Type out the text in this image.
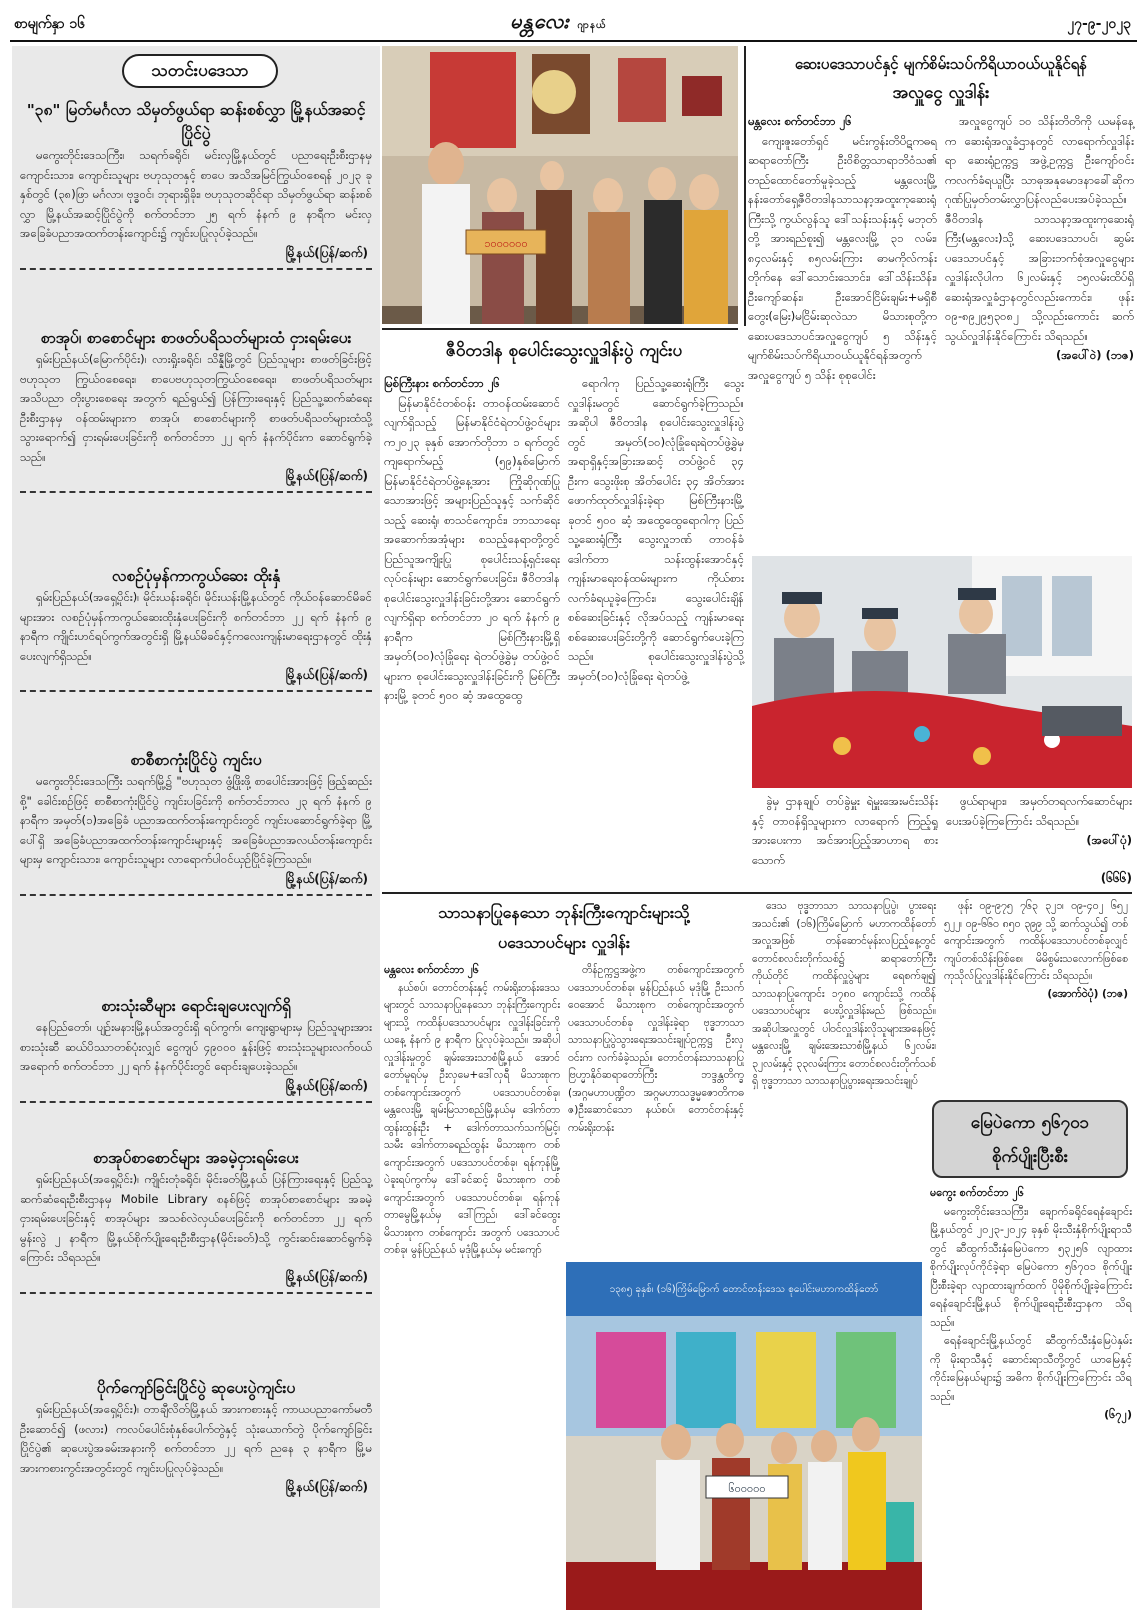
စာမျက်နှာ ၁၆	မန္တလေး ဂျာနယ်	၂၇-၉-၂၀၂၃
သတင်းပဒေသာ
"၃၈" မြတ်မင်္ဂလာ သိမှတ်ဖွယ်ရာ ဆန်းစစ်လွှာ မြို့နယ်အဆင့် ပြိုင်ပွဲ

မကွေးတိုင်းဒေသကြီး၊ သရက်ခရိုင်၊ မင်းလှမြို့နယ်တွင် ပညာရေးဦးစီးဌာနမှ ကျောင်းသား၊ ကျောင်းသူများ ဗဟုသုတနှင့် စာပေ အသိအမြင်ကြွယ်ဝစေရန် ၂၀၂၃ ခုနှစ်တွင် (၃၈)ဖြာ မင်္ဂလာ၊ ဗုဒ္ဓဝင်၊ ဘုရားရှိခိုး၊ ဗဟုသုတဆိုင်ရာ သိမှတ်ဖွယ်ရာ ဆန်းစစ်လွှာ မြို့နယ်အဆင့်ပြိုင်ပွဲကို စက်တင်ဘာ ၂၅ ရက် နံနက် ၉ နာရီက မင်းလှ အခြေခံပညာအထက်တန်းကျောင်း၌ ကျင်းပပြုလုပ်ခဲ့သည်။

မြို့နယ်(ပြန်/ဆက်)
စာအုပ်၊ စာစောင်များ စာဖတ်ပရိသတ်များထံ ငှားရမ်းပေး

ရှမ်းပြည်နယ်(မြောက်ပိုင်း)၊ လားရှိုးခရိုင်၊ သိန္နီမြို့တွင် ပြည်သူများ စာဖတ်ခြင်းဖြင့် ဗဟုသုတ ကြွယ်ဝစေရေး၊ စာပေဗဟုသုတကြွယ်ဝစေရေး၊ စာဖတ်ပရိသတ်များ အသိပညာ တိုးပွားစေရေး အတွက် ရည်ရွယ်၍ ပြန်ကြားရေးနှင့် ပြည်သူ့ဆက်ဆံရေးဦးစီးဌာနမှ ဝန်ထမ်းများက စာအုပ်၊ စာစောင်များကို စာဖတ်ပရိသတ်များထံသို့ သွားရောက်၍ ငှားရမ်းပေးခြင်းကို စက်တင်ဘာ ၂၂ ရက် နံနက်ပိုင်းက ဆောင်ရွက်ခဲ့သည်။

မြို့နယ်(ပြန်/ဆက်)
လစဉ်ပုံမှန်ကာကွယ်ဆေး ထိုးနှံ

ရှမ်းပြည်နယ်(အရှေ့ပိုင်း)၊ မိုင်းယန်းခရိုင်၊ မိုင်းယန်းမြို့နယ်တွင် ကိုယ်ဝန်ဆောင်မိခင်များအား လစဉ်ပုံမှန်ကာကွယ်ဆေးထိုးနှံပေးခြင်းကို စက်တင်ဘာ ၂၂ ရက် နံနက် ၉ နာရီက ကျိုင်းဟင်ရပ်ကွက်အတွင်းရှိ မြို့နယ်မိခင်နှင့်ကလေးကျန်းမာရေးဌာနတွင် ထိုးနှံပေးလျက်ရှိသည်။

မြို့နယ်(ပြန်/ဆက်)
စာစီစာကုံးပြိုင်ပွဲ ကျင်းပ

မကွေးတိုင်းဒေသကြီး သရက်မြို့၌ "ဗဟုသုတ ဖွံ့ဖြိုးဖို့ စာပေါင်းအားဖြင့် ဖြည့်ဆည်းစို့" ခေါင်းစဉ်ဖြင့် စာစီစာကုံးပြိုင်ပွဲ ကျင်းပခြင်းကို စက်တင်ဘာလ ၂၃ ရက် နံနက် ၉ နာရီက အမှတ်(၁)အခြေခံ ပညာအထက်တန်းကျောင်းတွင် ကျင်းပဆောင်ရွက်ခဲ့ရာ မြို့ပေါ်ရှိ အခြေခံပညာအထက်တန်းကျောင်းများနှင့် အခြေခံပညာအလယ်တန်းကျောင်းများမှ ကျောင်းသား၊ ကျောင်းသူများ လာရောက်ပါဝင်ယှဉ်ပြိုင်ခဲ့ကြသည်။

မြို့နယ်(ပြန်/ဆက်)
စားသုံးဆီများ ရောင်းချပေးလျက်ရှိ

နေပြည်တော်၊ ပျဉ်းမနားမြို့နယ်အတွင်းရှိ ရပ်ကွက်၊ ကျေးရွာများမှ ပြည်သူများအား စားသုံးဆီ ဆယ်ပိဿာတစ်ပုံးလျှင် ငွေကျပ် ၄၉၀၀၀ နှုန်းဖြင့် စားသုံးသူများလက်ဝယ်အရောက် စက်တင်ဘာ ၂၂ ရက် နံနက်ပိုင်းတွင် ရောင်းချပေးခဲ့သည်။

မြို့နယ်(ပြန်/ဆက်)
စာအုပ်စာစောင်များ အခမဲ့ငှားရမ်းပေး

ရှမ်းပြည်နယ်(အရှေ့ပိုင်း)၊ ကျိုင်းတုံခရိုင်၊ မိုင်းခတ်မြို့နယ် ပြန်ကြားရေးနှင့် ပြည်သူ့ဆက်ဆံရေးဦးစီးဌာနမှ Mobile Library စနစ်ဖြင့် စာအုပ်စာစောင်များ အခမဲ့ငှားရမ်းပေးခြင်းနှင့် စာအုပ်များ အသစ်လဲလှယ်ပေးခြင်းကို စက်တင်ဘာ ၂၂ ရက် မွန်းလွဲ ၂ နာရီက မြို့နယ်စိုက်ပျိုးရေးဦးစီးဌာန(မိုင်းခတ်)သို့ ကွင်းဆင်းဆောင်ရွက်ခဲ့ကြောင်း သိရသည်။

မြို့နယ်(ပြန်/ဆက်)
ပိုက်ကျော်ခြင်းပြိုင်ပွဲ ဆုပေးပွဲကျင်းပ

ရှမ်းပြည်နယ်(အရှေ့ပိုင်း)၊ တာချီလိတ်မြို့နယ် အားကစားနှင့် ကာယပညာကော်မတီဦးဆောင်၍ (ဖလား) ကလပ်ပေါင်းစုံနှစ်ပေါက်တွဲနှင့် သုံးယောက်တွဲ ပိုက်ကျော်ခြင်းပြိုင်ပွဲ၏ ဆုပေးပွဲအခမ်းအနားကို စက်တင်ဘာ ၂၂ ရက် ညနေ ၃ နာရီက မြို့မအားကစားကွင်းအတွင်းတွင် ကျင်းပပြုလုပ်ခဲ့သည်။

မြို့နယ်(ပြန်/ဆက်)
၁၀၀၀၀၀၀
ဆေးပဒေသာပင်နှင့် မျက်စိမ်းသပ်ကိရိယာဝယ်ယူနိုင်ရန်
အလှူငွေ လှူဒါန်း
မန္တလေး စက်တင်ဘာ ၂၆

ကျေးဇူးတော်ရှင် မင်းကွန်းတိပိဋကဓရ ဆရာတော်ကြီး ဦးဝိစိတ္တသာရာဘိဝံသ၏ တည်ထောင်တော်မူခဲ့သည့် မန္တလေးမြို့ နန်းတော်ရှေ့ဇီဝိတဒါနသာသနာ့အထူးကုဆေးရုံကြီးသို့ ကွယ်လွန်သူ ဒေါ်သန်းသန်းနှင့် မဘုတ်တို့ အားရည်စူး၍ မန္တလေးမြို့ ၃၁ လမ်း၊ ၈၄လမ်းနှင့် ၈၅လမ်းကြား ဓာမကိုလ်ကန်းတိုက်နေ ဒေါ်သောင်းသောင်း၊ ဒေါ်သိန်းသိန်း၊ ဦးကျော်ဆန်း၊ ဦးအောင်ငြိမ်းချမ်း+မရှိစီတွေး(မြေး)မငြိမ်းဆုလဲသာ မိသားစုတို့က ဆေးပဒေသာပင်အလှူငွေကျပ် ၅ သိန်းနှင့် မျက်စိမ်းသပ်ကိရိယာဝယ်ယူနိုင်ရန်အတွက် အလှူငွေကျပ် ၅ သိန်း စုစုပေါင်း

အလှူငွေကျပ် ၁၀ သိန်းတိတိကို ယမန်နေ့က ဆေးရုံအလှူခံဌာနတွင် လာရောက်လှူဒါန်းရာ ဆေးရုံဥက္ကဋ္ဌ အဖွဲ့ဥက္ကဋ္ဌ ဦးကျော်ဝင်းကလက်ခံရယူပြီး သာဓုအနုမောဒနာခေါ်ဆိုက ဂုဏ်ပြုမှတ်တမ်းလွှာပြန်လည်ပေးအပ်ခဲ့သည်။ ဇီဝိတဒါန သာသနာ့အထူးကုဆေးရုံကြီး(မန္တလေး)သို့ ဆေးပဒေသာပင်၊ ဆွမ်းပဒေသာပင်နှင့် အခြားဘက်စုံအလှူငွေများ လှူဒါန်းလိုပါက ၆၂လမ်းနှင့် ၁၅လမ်းထိပ်ရှိ ဆေးရုံအလှူခံဌာနတွင်လည်းကောင်း၊ ဖုန်း ၀၉-၈၉၂၉၅၃၀၈၂ သို့လည်းကောင်း ဆက်သွယ်လှူဒါန်းနိုင်ကြောင်း သိရသည်။

(အပေါ်ဝဲ) (ဘဇ)
ဇီဝိတဒါန စုပေါင်းသွေးလှူဒါန်းပွဲ ကျင်းပ
မြစ်ကြီးနား စက်တင်ဘာ ၂၆

မြန်မာနိုင်ငံတစ်ဝန်း တာဝန်ထမ်းဆောင်လျက်ရှိသည့် မြန်မာနိုင်ငံရဲတပ်ဖွဲ့ဝင်များက၂၀၂၃ ခုနှစ် အောက်တိုဘာ ၁ ရက်တွင် ကျရောက်မည့် (၅၉)နှစ်မြောက် မြန်မာနိုင်ငံရဲတပ်ဖွဲ့နေ့အား ကြိုဆိုဂုဏ်ပြုသောအားဖြင့် အများပြည်သူနှင့် သက်ဆိုင်သည့် ဆေးရုံ၊ စာသင်ကျောင်း၊ ဘာသာရေးအဆောက်အအုံများ စသည့်နေရာတို့တွင် ပြည်သူအကျိုးပြု စုပေါင်းသန့်ရှင်းရေးလုပ်ငန်းများ ဆောင်ရွက်ပေးခြင်း၊ ဇီဝိတဒါန စုပေါင်းသွေးလှူဒါန်းခြင်းတို့အား ဆောင်ရွက်လျက်ရှိရာ စက်တင်ဘာ ၂၀ ရက် နံနက် ၉ နာရီက မြစ်ကြီးနားမြို့ရှိ အမှတ်(၁၀)လုံခြုံရေး ရဲတပ်ဖွဲ့ခွဲမှ တပ်ဖွဲ့ဝင်များက စုပေါင်းသွေးလှူဒါန်းခြင်းကို မြစ်ကြီးနားမြို့ ခုတင် ၅၀၀ ဆံ့ အထွေထွေ

ရောဂါကု ပြည်သူ့ဆေးရုံကြီး သွေးလှူဒါန်းမတွင် ဆောင်ရွက်ခဲ့ကြသည်။ အဆိုပါ ဇီဝိတဒါန စုပေါင်းသွေးလှူဒါန်းပွဲတွင် အမှတ်(၁၀)လုံခြုံရေးရဲတပ်ဖွဲ့ခွဲမှ အရာရှိနှင့်အခြားအဆင့် တပ်ဖွဲ့ဝင် ၃၄ ဦးက သွေးဖိုးစု အိတ်ပေါင်း ၃၄ အိတ်အား ဖောက်ထုတ်လှူဒါန်းခဲ့ရာ မြစ်ကြီးနားမြို့ ခုတင် ၅၀၀ ဆံ့ အထွေထွေရောဂါကု ပြည်သူ့ဆေးရုံကြီး သွေးလှူဘဏ် တာဝန်ခံ ဒေါက်တာ သန်းထွန်းအောင်နှင့် ကျန်းမာရေးဝန်ထမ်းများက ကိုယ်စားလက်ခံရယူခဲ့ကြောင်း၊ သွေးပေါင်းချိန်စစ်ဆေးခြင်းနှင့် လိုအပ်သည့် ကျန်းမာရေးစစ်ဆေးပေးခြင်းတို့ကို ဆောင်ရွက်ပေးခဲ့ကြသည်။ စုပေါင်းသွေးလှူဒါန်းပွဲသို့ အမှတ်(၁၀)လုံခြုံရေး ရဲတပ်ဖွဲ့

ခွဲမှ ဌာနချုပ် တပ်ခွဲမှူး ရဲမှူးအေးမင်းသိန်းနှင့် တာဝန်ရှိသူများက လာရောက် ကြည့်ရှုအားပေးကာ အင်အားပြည့်အာဟာရ စားသောက်

ဖွယ်ရာများ၊ အမှတ်တရလက်ဆောင်များ ပေးအပ်ခဲ့ကြကြောင်း သိရသည်။

(အပေါ်ပုံ)
(၆၆၆)
သာသနာပြုနေသော ဘုန်းကြီးကျောင်းများသို့
ပဒေသာပင်များ လှူဒါန်း
မန္တလေး စက်တင်ဘာ ၂၆

နယ်စပ်၊ တောင်တန်းနှင့် ကမ်းရိုးတန်းဒေသများတွင် သာသနာပြုနေသော ဘုန်းကြီးကျောင်းများသို့ ကထိန်ပဒေသာပင်များ လှူဒါန်းခြင်းကို ယနေ့ နံနက် ၉ နာရီက ပြုလုပ်ခဲ့သည်။ အဆိုပါ လှူဒါန်းမှုတွင် ချမ်းအေးသာစံမြို့နယ် အောင်တော်မူရပ်မှ ဦးလှမေ+ဒေါ်လှရီ မိသားစုက တစ်ကျောင်းအတွက် ပဒေသာပင်တစ်ခု၊ မန္တလေးမြို့ ချမ်းမြသာစည်မြို့နယ်မှ ဒေါက်တာထွန်းထွန်းဦး + ဒေါက်တာသက်သက်မြင့်၊ သမီး ဒေါက်တာခရည်ထွန်း မိသားစုက တစ်ကျောင်းအတွက် ပဒေသာပင်တစ်ခု၊ ရန်ကုန်မြို့ ပဲခူးရပ်ကွက်မှ ဒေါ်ခင်ဆင့် မိသားစုက တစ်ကျောင်းအတွက် ပဒေသာပင်တစ်ခု၊ ရန်ကုန် တာမွေမြို့နယ်မှ ဒေါ်ကြည်၊ ဒေါ်ခင်ထွေး မိသားစုက တစ်ကျောင်း အတွက် ပဒေသာပင်တစ်ခု၊ မွန်ပြည်နယ် မုဒုံမြို့နယ်မှ မင်းကျော်

တိန်ဥက္ကဋ္ဌအဖွဲ့က တစ်ကျောင်းအတွက် ပဒေသာပင်တစ်ခု၊ မွန်ပြည်နယ် မုဒုံမြို့ ဦးသက်ဝေအောင် မိသားစုက တစ်ကျောင်းအတွက် ပဒေသာပင်တစ်ခု လှူဒါန်းခဲ့ရာ ဗုဒ္ဓဘာသာ သာသနာပြုပွဲသွားရေးအသင်းချုပ်ဥက္ကဋ္ဌ ဦးလှဝင်းက လက်ခံခဲ့သည်။ တောင်တန်းသာသနာပြု ဗြဟ္မာနိုဝ်ဆရာတော်ကြီး ဘဒ္ဒန္တတိက္ခ (အဂ္ဂမဟာပဏ္ဍိတ အဂ္ဂမဟာသဒ္ဓမ္မဇောတိကဓဇ)ဦးဆောင်သော နယ်စပ်၊ တောင်တန်းနှင့် ကမ်းရိုးတန်း

ဒေသ ဗုဒ္ဓဘာသာ သာသနာပြုပွဲ၊ ပွားရေးအသင်း၏ (၁၆)ကြိမ်မြောက် မဟာကထိန်တော်အလှူအဖြစ် တန်ဆောင်မုန်းလပြည့်နေ့တွင် တောင်စလင်းတိုက်သစ်၌ ဆရာတော်ကြီးကိုယ်တိုင် ကထိန်လှူပွဲများ ရေစက်ချ၍ သာသနာပြုကျောင်း ၁၇၈၀ ကျောင်းသို့ ကထိန်ပဒေသာပင်များ ပေးပို့လှူဒါန်းမည် ဖြစ်သည်။ အဆိုပါအလှူတွင် ပါဝင်လှူဒါန်းလိုသူများအနေဖြင့် မန္တလေးမြို့ ချမ်းအေးသာစံမြို့နယ် ၆၂လမ်း၊ ၃၂လမ်းနှင့် ၃၃လမ်းကြား တောင်စလင်းတိုက်သစ်ရှိ ဗုဒ္ဓဘာသာ သာသနာပြုပွားရေးအသင်းချုပ်

ဖုန်း ၀၉-၉၇၅ ၇၆၃ ၃၂၁၊ ၀၉-၄၀၂ ၆၅၂ ၅၂၂၊ ၀၉-၆၆၀ ၈၅၀ ၃၉၉ သို့ ဆက်သွယ်၍ တစ်ကျောင်းအတွက် ကထိန်ပဒေသာပင်တစ်ခုလျှင် ကျပ်တစ်သိန်းဖြစ်စေ၊ မိမိစွမ်းသလောက်ဖြစ်စေ ကုသိုလ်ပြုလှူဒါန်းနိုင်ကြောင်း သိရသည်။

(အောက်ဝဲပုံ) (ဘဇ)
၁၃၈၅ ခုနှစ်၊ (၁၆)ကြိမ်မြောက် တောင်တန်းဒေသ စုပေါင်းမဟာကထိန်တော်
၆၀၀၀၀၀
မြေပဲကော ၅၆၇၀၁
စိုက်ပျိုးပြီးစီး
မကွေး စက်တင်ဘာ ၂၆

မကွေးတိုင်းဒေသကြီး၊ ချောက်ခရိုင်ရေနံချောင်းမြို့နယ်တွင် ၂၀၂၃-၂၀၂၄ ခုနှစ် မိုးသီးနှံစိုက်ပျိုးရာသီတွင် ဆီထွက်သီးနှံမြေပဲကော ၅၃၂၅၆ လျာထားစိုက်ပျိုးလုပ်ကိုင်ခဲ့ရာ မြေပဲကော ၅၆၇၀၁ စိုက်ပျိုးပြီးစီးခဲ့ရာ လျာထားချက်ထက် ပိုမိုစိုက်ပျိုးခဲ့ကြောင်း ရေနံချောင်းမြို့နယ် စိုက်ပျိုးရေးဦးစီးဌာနက သိရသည်။

ရေနံချောင်းမြို့နယ်တွင် ဆီထွက်သီးနှံမြေပဲနှမ်းကို မိုးရာသီနှင့် ဆောင်းရာသီတို့တွင် ယာမြေနှင့် ကိုင်းမြေနယ်များ၌ အဓိက စိုက်ပျိုးကြကြောင်း သိရသည်။

(၆၇၂)
